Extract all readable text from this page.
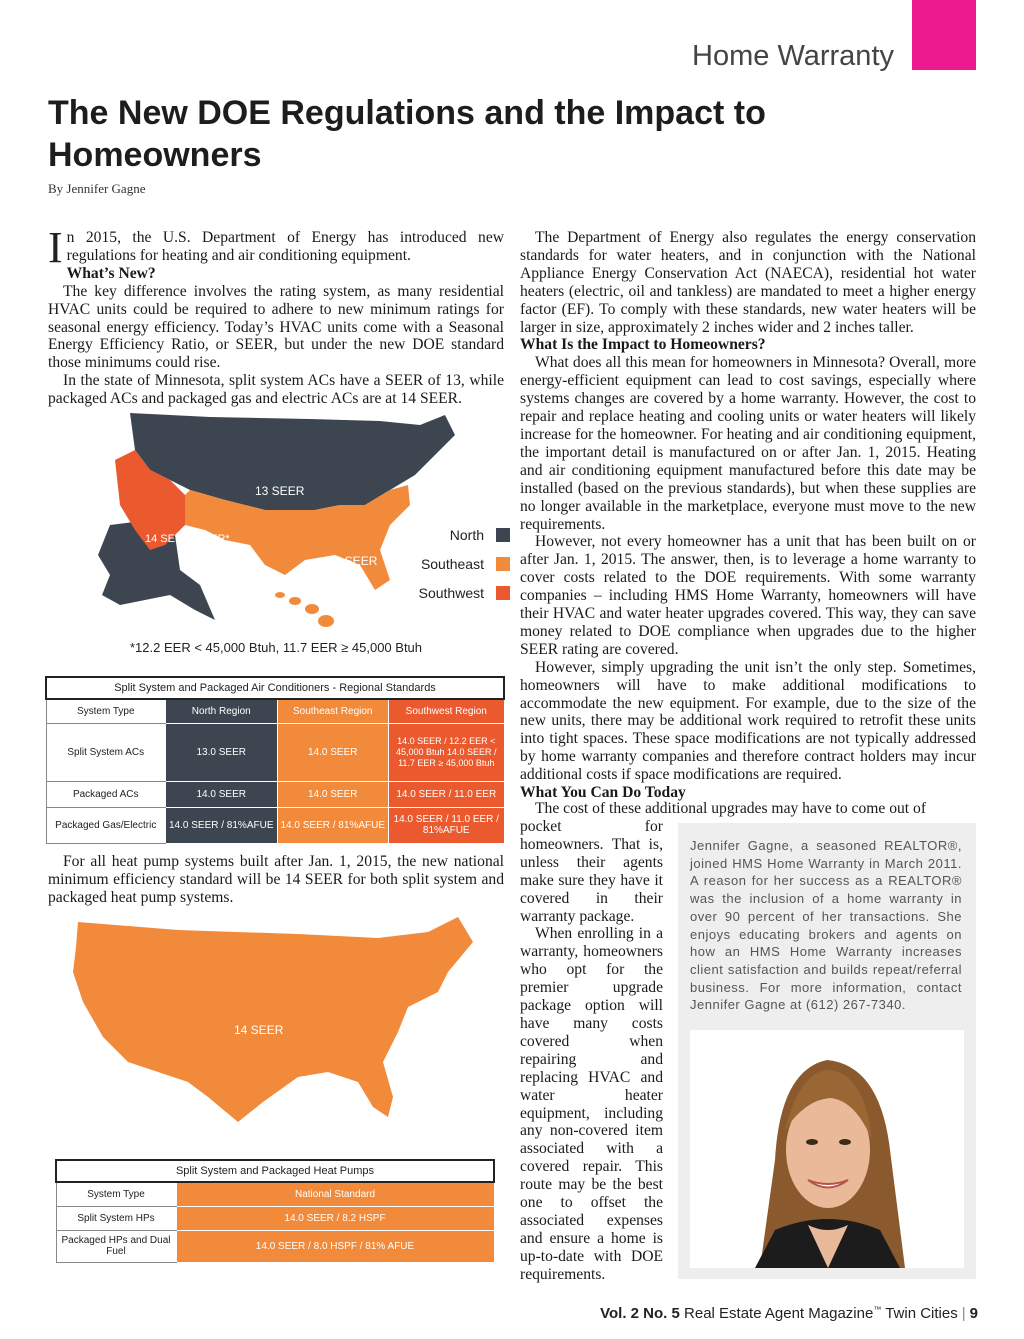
Home Warranty
The New DOE Regulations and the Impact to Homeowners
By Jennifer Gagne

In 2015, the U.S. Department of Energy has introduced new regulations for heating and air conditioning equipment.

What’s New?

The key difference involves the rating system, as many residential HVAC units could be required to adhere to new minimum ratings for seasonal energy efficiency. Today’s HVAC units come with a Seasonal Energy Efficiency Ratio, or SEER, but under the new DOE standard those minimums could rise.

In the state of Minnesota, split system ACs have a SEER of 13, while packaged ACs and packaged gas and electric ACs are at 14 SEER.

13 SEER
14 SEER
14 SEER + EER*	North
Southeast
Southwest
*12.2 EER < 45,000 Btuh, 11.7 EER ≥ 45,000 Btuh
Split System and Packaged Air Conditioners - Regional Standards			
System Type	North Region	Southeast Region	Southwest Region
Split System ACs	13.0 SEER	14.0 SEER	14.0 SEER / 12.2 EER < 45,000 Btuh 14.0 SEER / 11.7 EER ≥ 45,000 Btuh
Packaged ACs	14.0 SEER	14.0 SEER	14.0 SEER / 11.0 EER
Packaged Gas/Electric	14.0 SEER / 81%AFUE	14.0 SEER / 81%AFUE	14.0 SEER / 11.0 EER / 81%AFUE

For all heat pump systems built after Jan. 1, 2015, the new national minimum efficiency standard will be 14 SEER for both split system and packaged heat pump systems.

14 SEER
Split System and Packaged Heat Pumps	
System Type	National Standard
Split System HPs	14.0 SEER / 8.2 HSPF
Packaged HPs and Dual Fuel	14.0 SEER / 8.0 HSPF / 81% AFUE

The Department of Energy also regulates the energy conservation standards for water heaters, and in conjunction with the National Appliance Energy Conservation Act (NAECA), residential hot water heaters (electric, oil and tankless) are mandated to meet a higher energy factor (EF). To comply with these standards, new water heaters will be larger in size, approximately 2 inches wider and 2 inches taller.

What Is the Impact to Homeowners?

What does all this mean for homeowners in Minnesota? Overall, more energy-efficient equipment can lead to cost savings, especially where systems changes are covered by a home warranty. However, the cost to repair and replace heating and cooling units or water heaters will likely increase for the homeowner. For heating and air conditioning equipment, the important detail is manufactured on or after Jan. 1, 2015. Heating and air conditioning equipment manufactured before this date may be installed (based on the previous standards), but when these supplies are no longer available in the marketplace, everyone must move to the new requirements.

However, not every homeowner has a unit that has been built on or after Jan. 1, 2015. The answer, then, is to leverage a home warranty to cover costs related to the DOE requirements. With some warranty companies – including HMS Home Warranty, homeowners will have their HVAC and water heater upgrades covered. This way, they can save money related to DOE compliance when upgrades due to the higher SEER rating are covered.

However, simply upgrading the unit isn’t the only step. Sometimes, homeowners will have to make additional modifications to accommodate the new equipment. For example, due to the size of the new units, there may be additional work required to retrofit these units into tight spaces. These space modifications are not typically addressed by home warranty companies and therefore contract holders may incur additional costs if space modifications are required.

What You Can Do Today

The cost of these additional upgrades may have to come out of

pocket for homeowners. That is, unless their agents make sure they have it covered in their warranty package.

When enrolling in a warranty, homeowners who opt for the premier upgrade package option will have many costs covered when repairing and replacing HVAC and water heater equipment, including any non-covered item associated with a covered repair. This route may be the best one to offset the associated expenses and ensure a home is up-to-date with DOE requirements.

Jennifer Gagne, a seasoned REALTOR®, joined HMS Home Warranty in March 2011. A reason for her success as a REALTOR® was the inclusion of a home warranty in over 90 percent of her transactions. She enjoys educating brokers and agents on how an HMS Home Warranty increases client satisfaction and builds repeat/referral business. For more information, contact Jennifer Gagne at (612) 267-7340.
Vol. 2 No. 5 Real Estate Agent Magazine™ Twin Cities | 9
